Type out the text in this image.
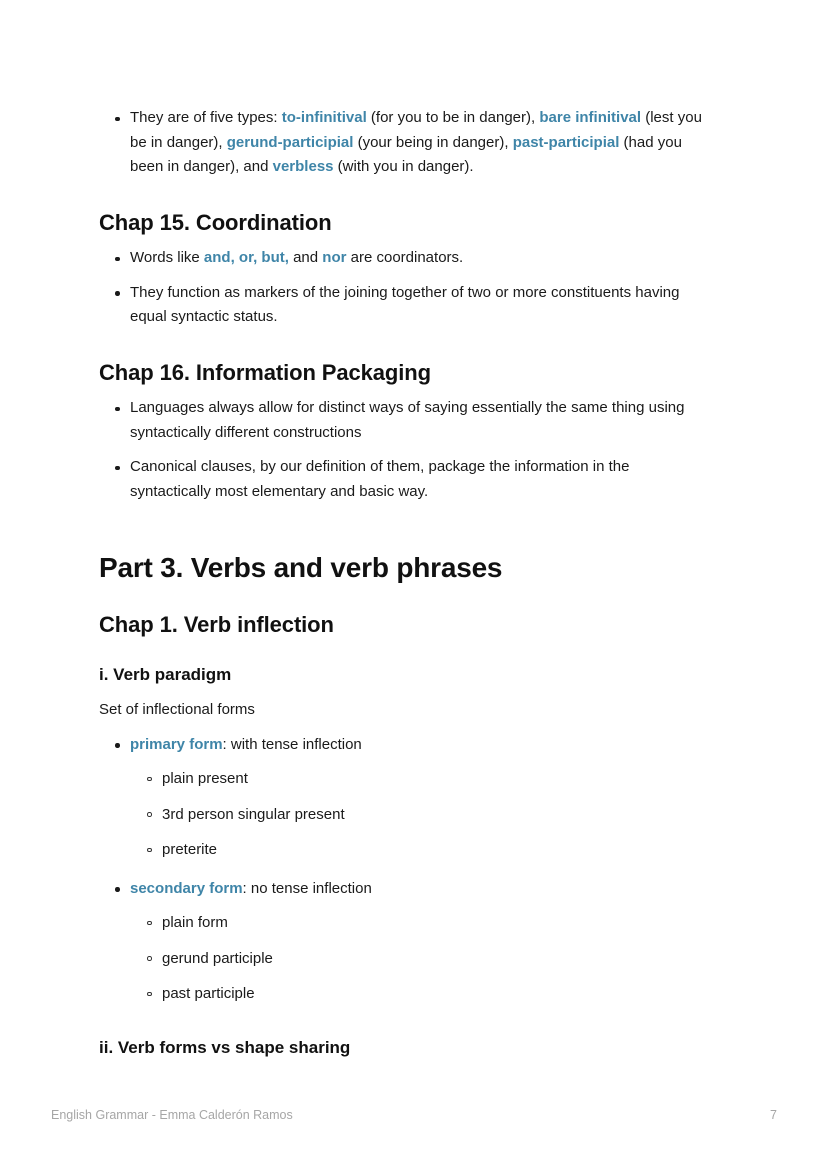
They are of five types: to-infinitival (for you to be in danger), bare infinitival (lest you be in danger), gerund-participial (your being in danger), past-participial (had you been in danger), and verbless (with you in danger).
Chap 15. Coordination
Words like and, or, but, and nor are coordinators.
They function as markers of the joining together of two or more constituents having equal syntactic status.
Chap 16. Information Packaging
Languages always allow for distinct ways of saying essentially the same thing using syntactically different constructions
Canonical clauses, by our definition of them, package the information in the syntactically most elementary and basic way.
Part 3. Verbs and verb phrases
Chap 1. Verb inflection
i. Verb paradigm

Set of inflectional forms

primary form: with tense inflection
plain present
3rd person singular present
preterite
secondary form: no tense inflection
plain form
gerund participle
past participle
ii. Verb forms vs shape sharing
English Grammar - Emma Calderón Ramos	7
